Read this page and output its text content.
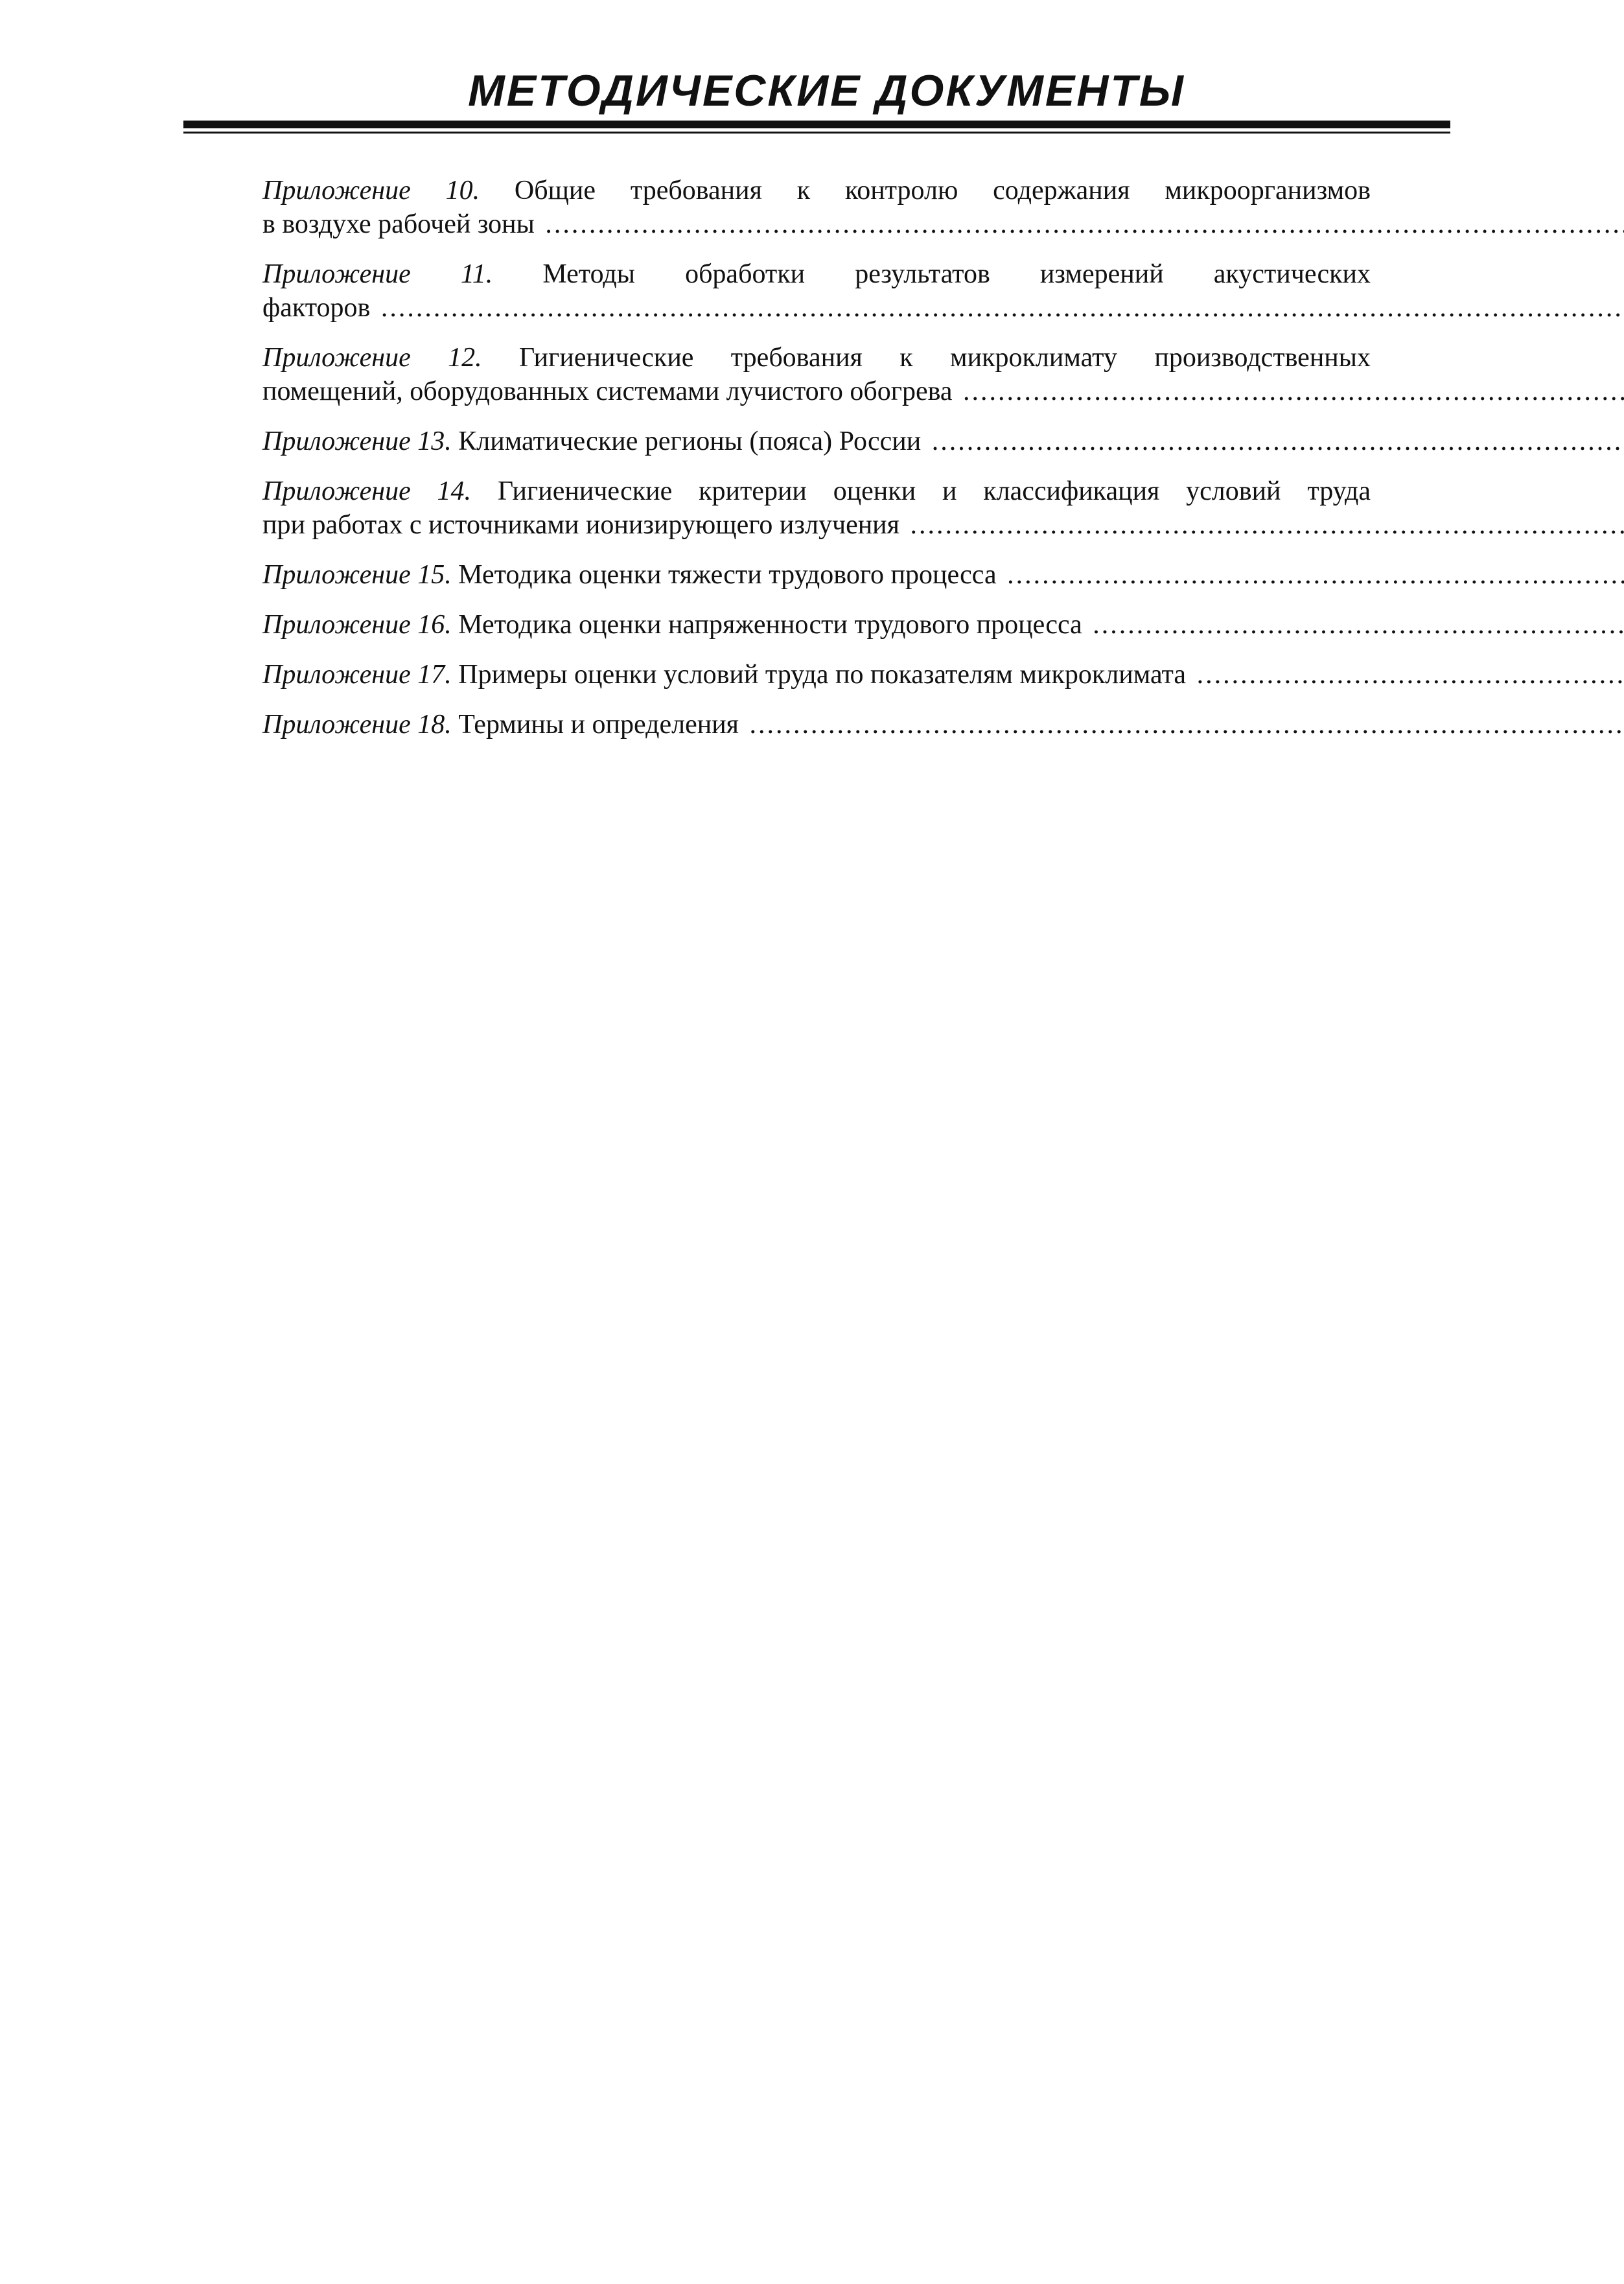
МЕТОДИЧЕСКИЕ ДОКУМЕНТЫ
Приложение 10. Общие требования к контролю содержания микроорганизмов
в воздухе рабочей зоны .....
Приложение 11. Методы обработки результатов измерений акустических
факторов .....
Приложение 12. Гигиенические требования к микроклимату производственных
помещений, оборудованных системами лучистого обогрева .....
Приложение 13. Климатические регионы (пояса) России .....
Приложение 14. Гигиенические критерии оценки и классификация условий труда
при работах с источниками ионизирующего излучения .....
Приложение 15. Методика оценки тяжести трудового процесса .....
Приложение 16. Методика оценки напряженности трудового процесса .....
Приложение 17. Примеры оценки условий труда по показателям микроклимата .....
Приложение 18. Термины и определения .....
